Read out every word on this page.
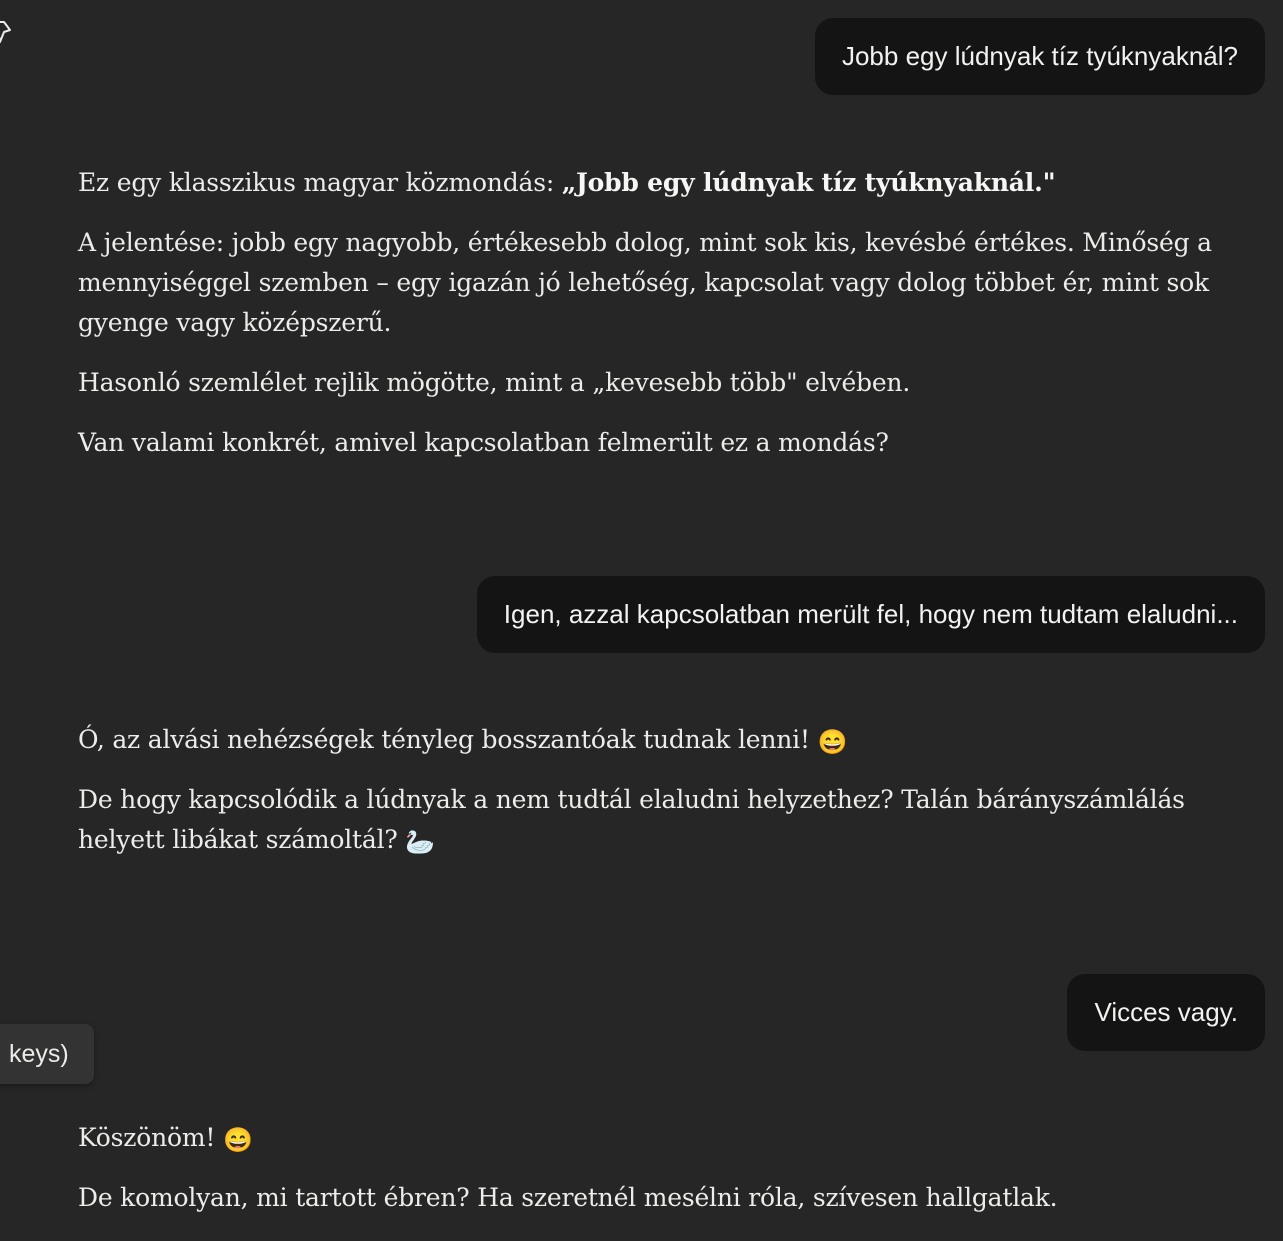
Jobb egy lúdnyak tíz tyúknyaknál?

Ez egy klasszikus magyar közmondás: „Jobb egy lúdnyak tíz tyúknyaknál."

A jelentése: jobb egy nagyobb, értékesebb dolog, mint sok kis, kevésbé értékes. Minőség a mennyiséggel szemben – egy igazán jó lehetőség, kapcsolat vagy dolog többet ér, mint sok gyenge vagy középszerű.

Hasonló szemlélet rejlik mögötte, mint a „kevesebb több" elvében.

Van valami konkrét, amivel kapcsolatban felmerült ez a mondás?

Igen, azzal kapcsolatban merült fel, hogy nem tudtam elaludni...

Ó, az alvási nehézségek tényleg bosszantóak tudnak lenni! 😄

De hogy kapcsolódik a lúdnyak a nem tudtál elaludni helyzethez? Talán bárányszámlálás helyett libákat számoltál? 🦢

Vicces vagy.
keys)

Köszönöm! 😄

De komolyan, mi tartott ébren? Ha szeretnél mesélni róla, szívesen hallgatlak.
